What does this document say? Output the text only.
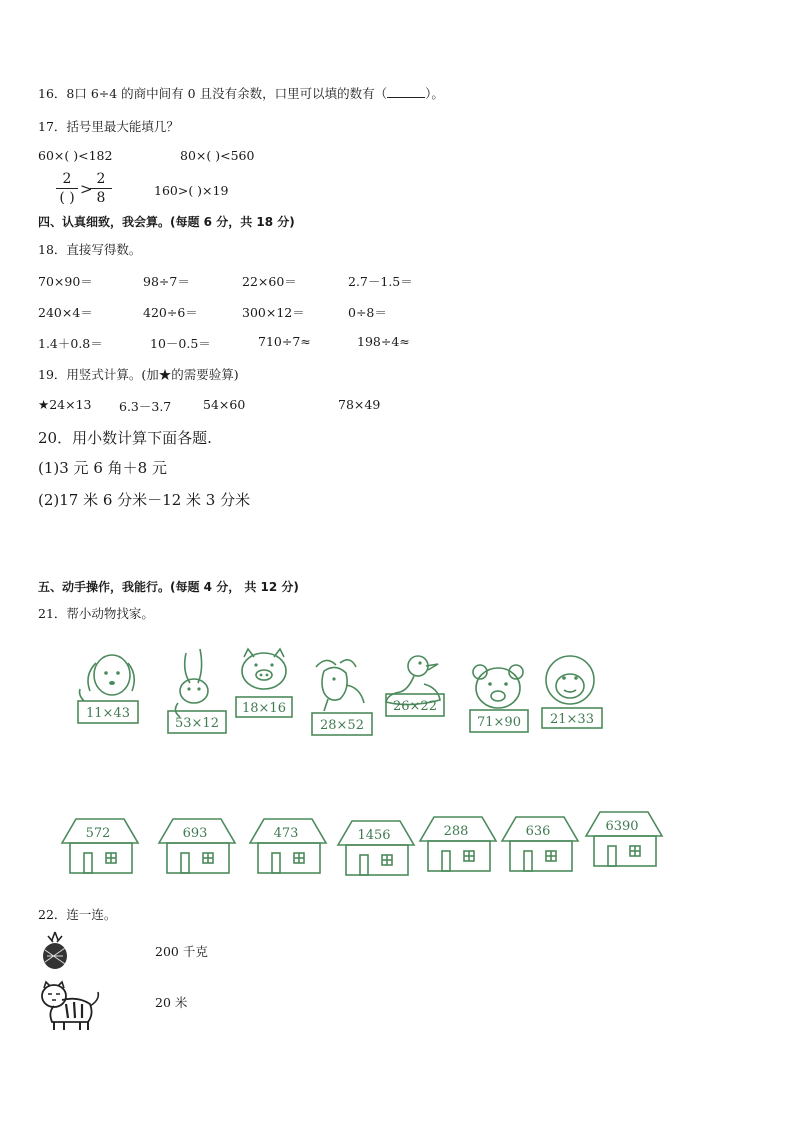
16．8口 6÷4 的商中间有 0 且没有余数，口里可以填的数有（	）。
17．括号里最大能填几？
60×( )<182	80×( )<560
2
( ) >
2
8	160>( )×19
四、认真细致，我会算。(每题 6 分，共 18 分)
18．直接写得数。
70×90＝	98÷7＝	22×60＝	2.7－1.5＝
240×4＝	420÷6＝	300×12＝	0÷8＝
1.4＋0.8＝	10－0.5＝	710÷7≈	198÷4≈
19．用竖式计算。(加★的需要验算)
★24×13 6.3－3.7	54×60	78×49
20．用小数计算下面各题.
(1)3 元 6 角＋8 元
(2)17 米 6 分米－12 米 3 分米
五、动手操作，我能行。(每题 4 分， 共 12 分)
21．帮小动物找家。
11×43
53×12
18×16
28×52
26×22
71×90 21×33
572	693	473	1456	288	636	6390
22．连一连。
200 千克
20 米
